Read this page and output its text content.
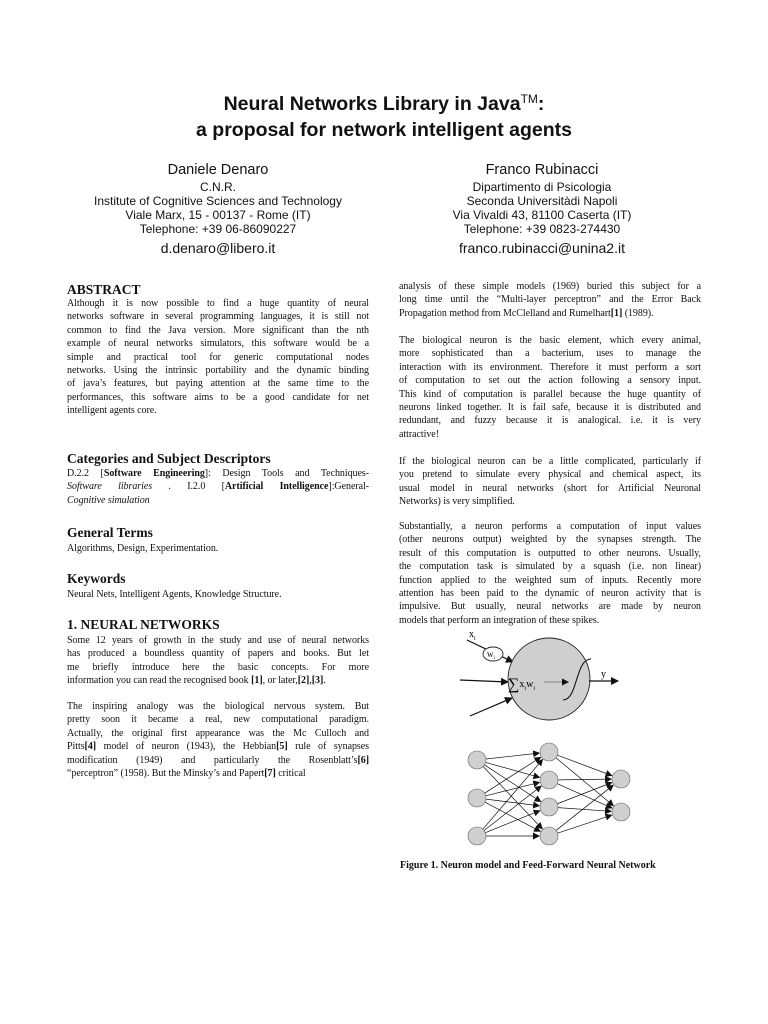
Neural Networks Library in Java™:
a proposal for network intelligent agents
Daniele Denaro
C.N.R.
Institute of Cognitive Sciences and Technology
Viale Marx, 15 - 00137 - Rome (IT)
Telephone: +39 06-86090227
d.denaro@libero.it
Franco Rubinacci
Dipartimento di Psicologia
Seconda Universitàdi Napoli
Via Vivaldi 43, 81100 Caserta (IT)
Telephone: +39 0823-274430
franco.rubinacci@unina2.it
ABSTRACT
Although it is now possible to find a huge quantity of neural
networks software in several programming languages, it is still not
common to find the Java version. More significant than the nth
example of neural networks simulators, this software would be a
simple and practical tool for generic computational nodes
networks. Using the intrinsic portability and the dynamic binding
of java’s features, but paying attention at the same time to the
performances, this software aims to be a good candidate for net
intelligent agents core.
Categories and Subject Descriptors
D.2.2 [Software Engineering]: Design Tools and Techniques-
Software libraries . I.2.0 [Artificial Intelligence]:General-
Cognitive simulation
General Terms
Algorithms, Design, Experimentation.
Keywords
Neural Nets, Intelligent Agents, Knowledge Structure.
1. NEURAL NETWORKS
Some 12 years of growth in the study and use of neural networks
has produced a boundless quantity of papers and books. But let
me briefly introduce here the basic concepts. For more
information you can read the recognised book [1], or later,[2],[3].
The inspiring analogy was the biological nervous system. But
pretty soon it became a real, new computational paradigm.
Actually, the original first appearance was the Mc Culloch and
Pitts[4] model of neuron (1943), the Hebbian[5] rule of synapses
modification (1949) and particularly the Rosenblatt’s[6]
“perceptron” (1958). But the Minsky’s and Papert[7] critical
analysis of these simple models (1969) buried this subject for a
long time until the “Multi-layer perceptron” and the Error Back
Propagation method from McClelland and Rumelhart[1] (1989).
The biological neuron is the basic element, which every animal,
more sophisticated than a bacterium, uses to manage the
interaction with its environment. Therefore it must perform a sort
of computation to set out the action following a sensory input.
This kind of computation is parallel because the huge quantity of
neurons linked together. It is fail safe, because it is distributed and
redundant, and fuzzy because it is analogical. i.e. it is very
attractive!
If the biological neuron can be a little complicated, particularly if
you pretend to simulate every physical and chemical aspect, its
usual model in neural networks (short for Artificial Neuronal
Networks) is very simplified.
Substantially, a neuron performs a computation of input values
(other neurons output) weighted by the synapses strength. The
result of this computation is outputted to other neurons. Usually,
the computation task is simulated by a squash (i.e. non linear)
function applied to the weighted sum of inputs. Recently more
attention has been paid to the dynamic of neuron activity that is
impulsive. But usually, neural networks are made by neuron
models that perform an integration of these spikes.
$x_i$
$w_i$
$\sum x_iw_i$
y
Figure 1. Neuron model and Feed-Forward Neural Network
